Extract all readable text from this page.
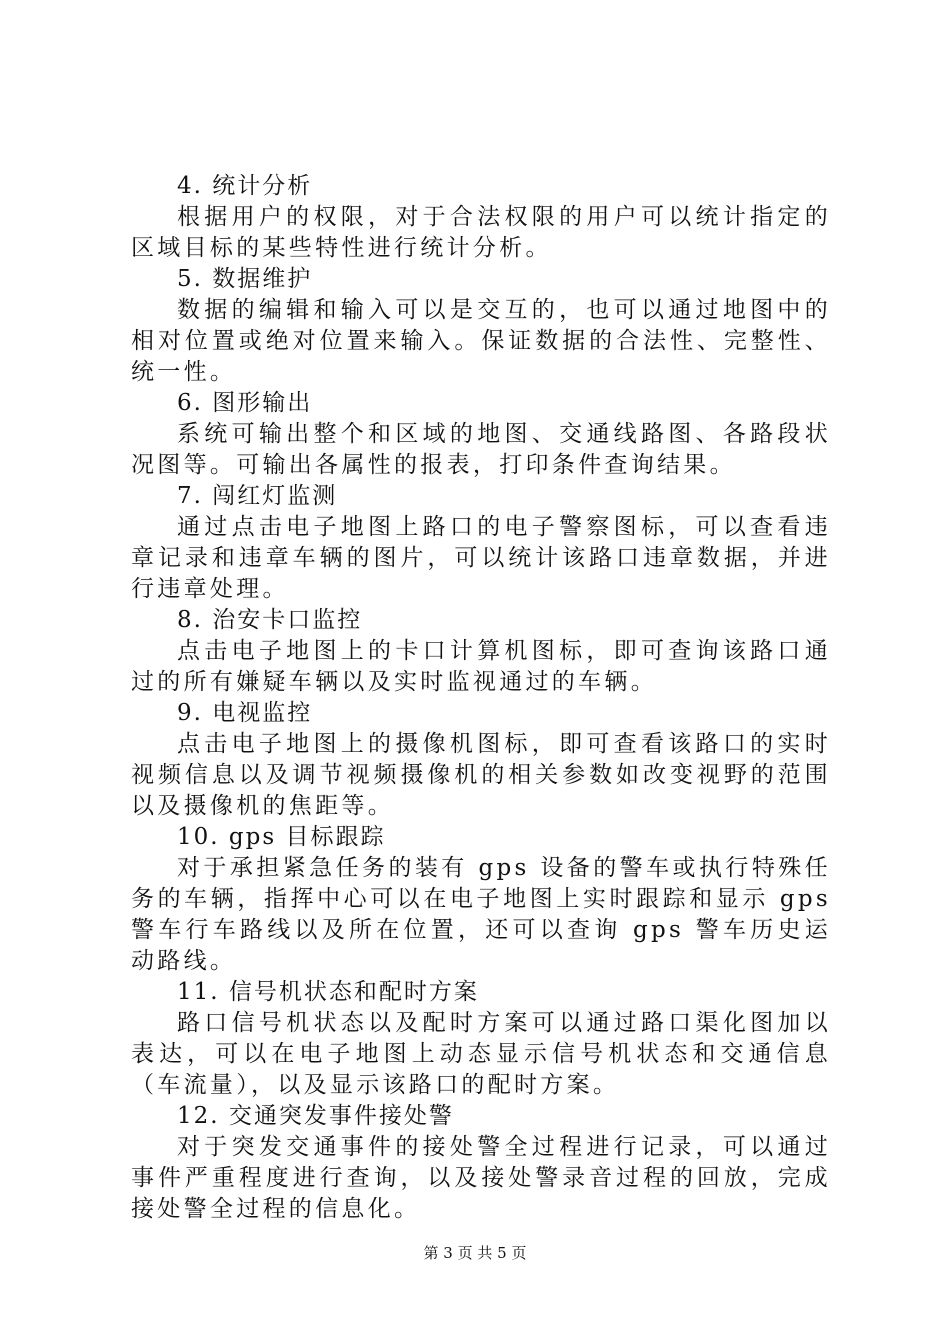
4. 统计分析
根据用户的权限，对于合法权限的用户可以统计指定的区域目标的某些特性进行统计分析。
5. 数据维护
数据的编辑和输入可以是交互的，也可以通过地图中的相对位置或绝对位置来输入。保证数据的合法性、完整性、统一性。
6. 图形输出
系统可输出整个和区域的地图、交通线路图、各路段状况图等。可输出各属性的报表，打印条件查询结果。
7. 闯红灯监测
通过点击电子地图上路口的电子警察图标，可以查看违章记录和违章车辆的图片，可以统计该路口违章数据，并进行违章处理。
8. 治安卡口监控
点击电子地图上的卡口计算机图标，即可查询该路口通过的所有嫌疑车辆以及实时监视通过的车辆。
9. 电视监控
点击电子地图上的摄像机图标，即可查看该路口的实时视频信息以及调节视频摄像机的相关参数如改变视野的范围以及摄像机的焦距等。
10. gps 目标跟踪
对于承担紧急任务的装有 gps 设备的警车或执行特殊任务的车辆，指挥中心可以在电子地图上实时跟踪和显示 gps 警车行车路线以及所在位置，还可以查询 gps 警车历史运动路线。
11. 信号机状态和配时方案
路口信号机状态以及配时方案可以通过路口渠化图加以表达，可以在电子地图上动态显示信号机状态和交通信息（车流量），以及显示该路口的配时方案。
12. 交通突发事件接处警
对于突发交通事件的接处警全过程进行记录，可以通过事件严重程度进行查询，以及接处警录音过程的回放，完成接处警全过程的信息化。
第 3 页 共 5 页
